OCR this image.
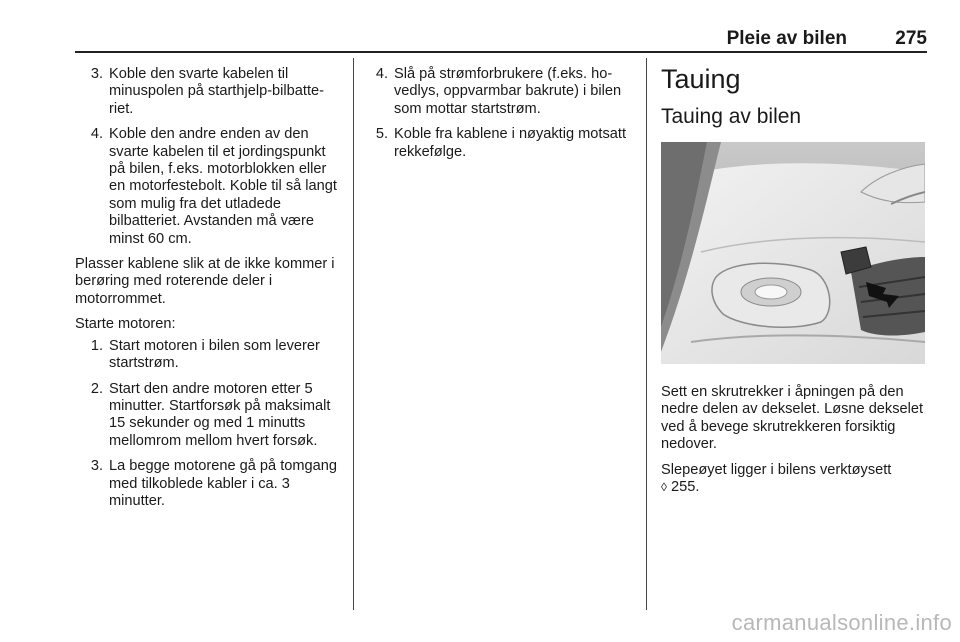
Pleie av bilen	275
3. Koble den svarte kabelen til minuspolen på starthjelp-bilbatteriet.
4. Koble den andre enden av den svarte kabelen til et jordingspunkt på bilen, f.eks. motorblokken eller en motorfestebolt. Koble til så langt som mulig fra det utladede bilbatteriet. Avstanden må være minst 60 cm.

Plasser kablene slik at de ikke kommer i berøring med roterende deler i motorrommet.

Starte motoren:

1. Start motoren i bilen som leverer startstrøm.
2. Start den andre motoren etter 5 minutter. Startforsøk på maksimalt 15 sekunder og med 1 minutts mellomrom mellom hvert forsøk.
3. La begge motorene gå på tomgang med tilkoblede kabler i ca. 3 minutter.
4. Slå på strømforbrukere (f.eks. hovedlys, oppvarmbar bakrute) i bilen som mottar startstrøm.
5. Koble fra kablene i nøyaktig motsatt rekkefølge.
Tauing
Tauing av bilen

Sett en skrutrekker i åpningen på den nedre delen av dekselet. Løsne dekselet ved å bevege skrutrekkeren forsiktig nedover.

Slepeøyet ligger i bilens verktøysett
◊ 255.

carmanualsonline.info
